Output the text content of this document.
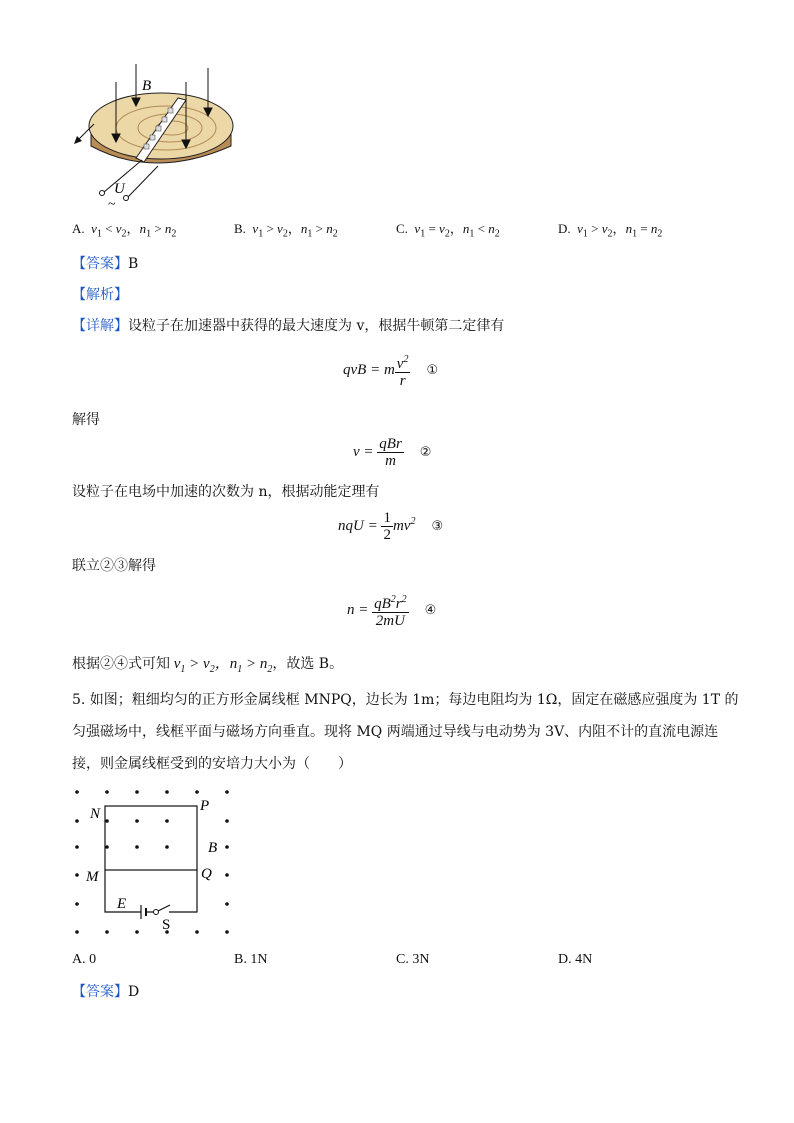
B
U
~
A. $v_1 < v_2$，$n_1 > n_2$	B. $v_1 > v_2$，$n_1 > n_2$	C. $v_1 = v_2$，$n_1 < n_2$	D. $v_1 > v_2$，$n_1 = n_2$
【答案】B
【解析】
【详解】设粒子在加速器中获得的最大速度为 v，根据牛顿第二定律有
qvB = m $\frac{v^2}{r}$ ①
解得
$v = \frac{\text{qBr}}{m}$ ②
设粒子在电场中加速的次数为 n，根据动能定理有
nqU = $\frac{1}{2} mv^2$ ③
联立②③解得
$n = \frac{qB^2r^2}{2mU}$ ④
根据②④式可知 $v_1 > v_2$，$n_1 > n_2$，故选 B。
5. 如图；粗细均匀的正方形金属线框 MNPQ，边长为 1m；每边电阻均为 1Ω，固定在磁感应强度为 1T 的
匀强磁场中，线框平面与磁场方向垂直。现将 MQ 两端通过导线与电动势为 3V、内阻不计的直流电源连
接，则金属线框受到的安培力大小为（　　）
N	P
B
M	Q
E
S
A. 0	B. 1N	C. 3N	D. 4N
【答案】D
